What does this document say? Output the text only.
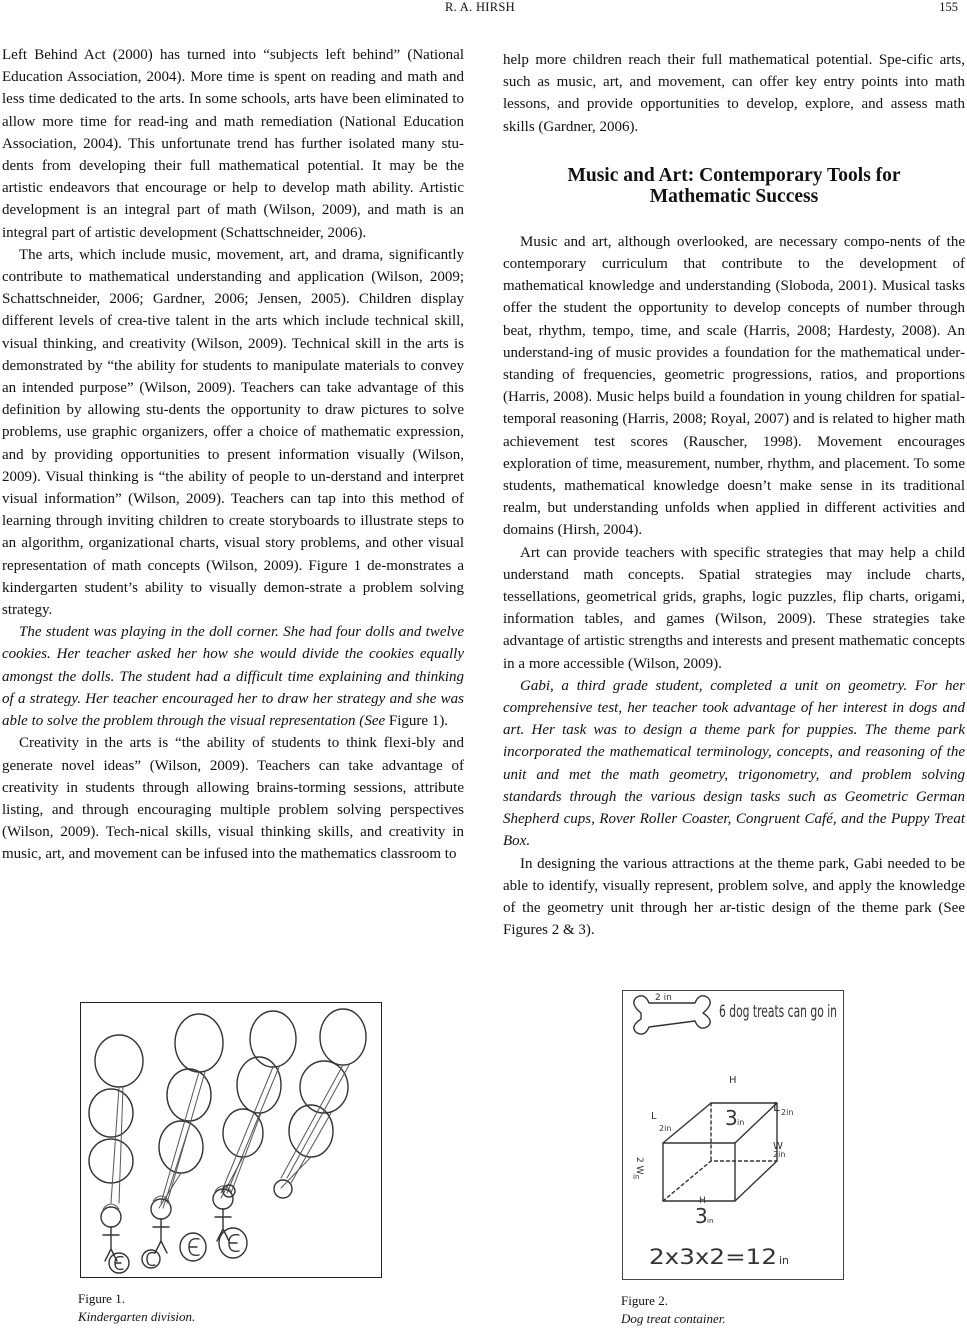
R. A. HIRSH	155

Left Behind Act (2000) has turned into “subjects left behind” (National Education Association, 2004). More time is spent on reading and math and less time dedicated to the arts. In some schools, arts have been eliminated to allow more time for read-ing and math remediation (National Education Association, 2004). This unfortunate trend has further isolated many stu-dents from developing their full mathematical potential. It may be the artistic endeavors that encourage or help to develop math ability. Artistic development is an integral part of math (Wilson, 2009), and math is an integral part of artistic development (Schattschneider, 2006).

The arts, which include music, movement, art, and drama, significantly contribute to mathematical understanding and application (Wilson, 2009; Schattschneider, 2006; Gardner, 2006; Jensen, 2005). Children display different levels of crea-tive talent in the arts which include technical skill, visual thinking, and creativity (Wilson, 2009). Technical skill in the arts is demonstrated by “the ability for students to manipulate materials to convey an intended purpose” (Wilson, 2009). Teachers can take advantage of this definition by allowing stu-dents the opportunity to draw pictures to solve problems, use graphic organizers, offer a choice of mathematic expression, and by providing opportunities to present information visually (Wilson, 2009). Visual thinking is “the ability of people to un-derstand and interpret visual information” (Wilson, 2009). Teachers can tap into this method of learning through inviting children to create storyboards to illustrate steps to an algorithm, organizational charts, visual story problems, and other visual representation of math concepts (Wilson, 2009). Figure 1 de-monstrates a kindergarten student’s ability to visually demon-strate a problem solving strategy.

The student was playing in the doll corner. She had four dolls and twelve cookies. Her teacher asked her how she would divide the cookies equally amongst the dolls. The student had a difficult time explaining and thinking of a strategy. Her teacher encouraged her to draw her strategy and she was able to solve the problem through the visual representation (See Figure 1).

Creativity in the arts is “the ability of students to think flexi-bly and generate novel ideas” (Wilson, 2009). Teachers can take advantage of creativity in students through allowing brains-torming sessions, attribute listing, and through encouraging multiple problem solving perspectives (Wilson, 2009). Tech-nical skills, visual thinking skills, and creativity in music, art, and movement can be infused into the mathematics classroom to

help more children reach their full mathematical potential. Spe-cific arts, such as music, art, and movement, can offer key entry points into math lessons, and provide opportunities to develop, explore, and assess math skills (Gardner, 2006).

Music and Art: Contemporary Tools for
Mathematic Success

Music and art, although overlooked, are necessary compo-nents of the contemporary curriculum that contribute to the development of mathematical knowledge and understanding (Sloboda, 2001). Musical tasks offer the student the opportunity to develop concepts of number through beat, rhythm, tempo, time, and scale (Harris, 2008; Hardesty, 2008). An understand-ing of music provides a foundation for the mathematical under-standing of frequencies, geometric progressions, ratios, and proportions (Harris, 2008). Music helps build a foundation in young children for spatial-temporal reasoning (Harris, 2008; Royal, 2007) and is related to higher math achievement test scores (Rauscher, 1998). Movement encourages exploration of time, measurement, number, rhythm, and placement. To some students, mathematical knowledge doesn’t make sense in its traditional realm, but understanding unfolds when applied in different activities and domains (Hirsh, 2004).

Art can provide teachers with specific strategies that may help a child understand math concepts. Spatial strategies may include charts, tessellations, geometrical grids, graphs, logic puzzles, flip charts, origami, information tables, and games (Wilson, 2009). These strategies take advantage of artistic strengths and interests and present mathematic concepts in a more accessible (Wilson, 2009).

Gabi, a third grade student, completed a unit on geometry. For her comprehensive test, her teacher took advantage of her interest in dogs and art. Her task was to design a theme park for puppies. The theme park incorporated the mathematical terminology, concepts, and reasoning of the unit and met the math geometry, trigonometry, and problem solving standards through the various design tasks such as Geometric German Shepherd cups, Rover Roller Coaster, Congruent Café, and the Puppy Treat Box.

In designing the various attractions at the theme park, Gabi needed to be able to identify, visually represent, problem solve, and apply the knowledge of the geometry unit through her ar-tistic design of the theme park (See Figures 2 & 3).

Figure 1.
Kindergarten division.
2 in
6 dog treats can go in
H
3 in
L
2in
L 2in
W
2in
2 W
in
H
3 in
2x3x2=12 in
Figure 2.
Dog treat container.
